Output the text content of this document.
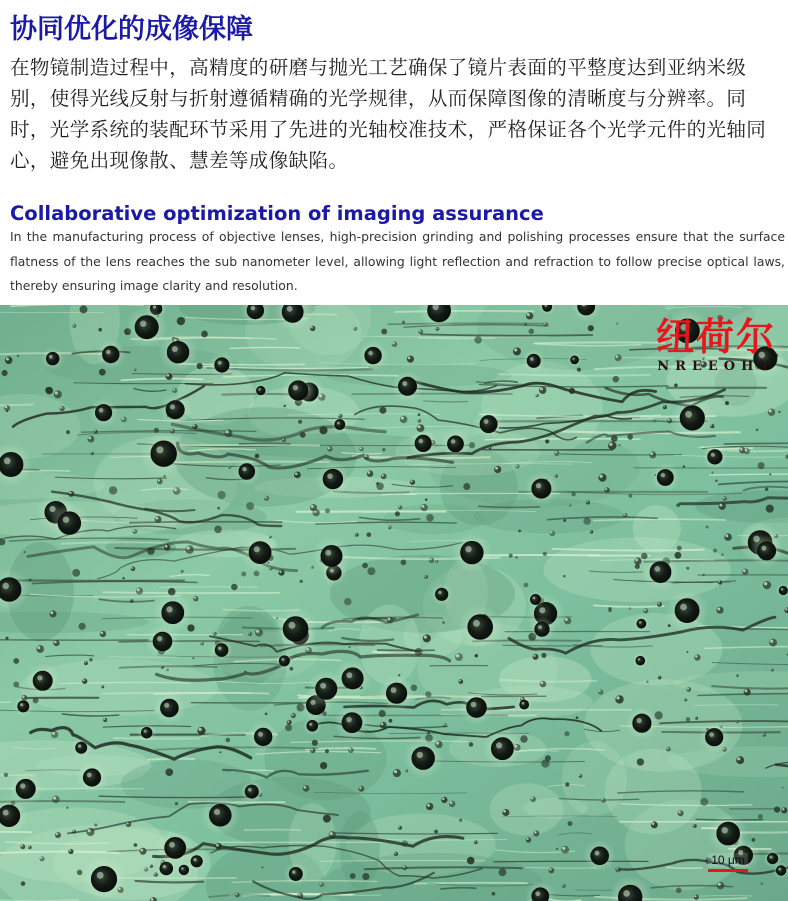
协同优化的成像保障
在物镜制造过程中，高精度的研磨与抛光工艺确保了镜片表面的平整度达到亚纳米级别，使得光线反射与折射遵循精确的光学规律，从而保障图像的清晰度与分辨率。同时，光学系统的装配环节采用了先进的光轴校准技术，严格保证各个光学元件的光轴同心，避免出现像散、慧差等成像缺陷。
Collaborative optimization of imaging assurance
In the manufacturing process of objective lenses, high-precision grinding and polishing processes ensure that the surface flatness of the lens reaches the sub nanometer level, allowing light reflection and refraction to follow precise optical laws, thereby ensuring image clarity and resolution.
纽荷尔
NREEOHY
10 μm
